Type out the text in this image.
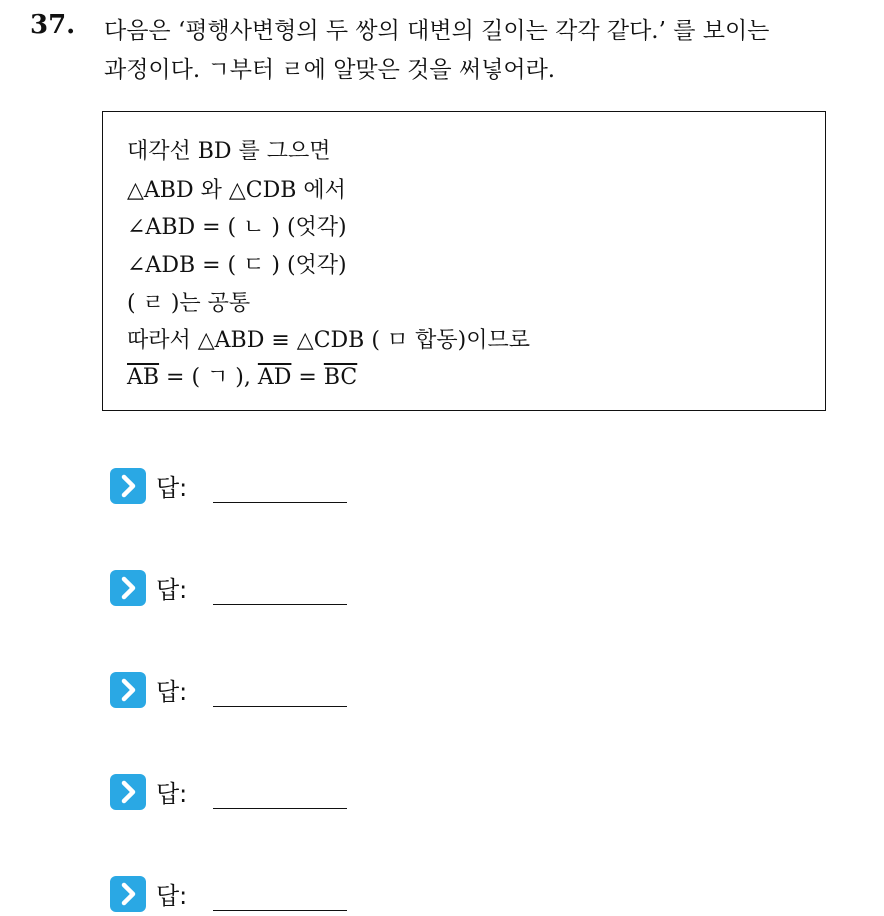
37. 다음은 ‘평행사변형의 두 쌍의 대변의 길이는 각각 같다.’ 를 보이는
과정이다. ㄱ부터 ㄹ에 알맞은 것을 써넣어라.
대각선 BD 를 그으면
△ABD 와 △CDB 에서
∠ABD = ( ㄴ ) (엇각)
∠ADB = ( ㄷ ) (엇각)
( ㄹ )는 공통
따라서 △ABD ≡ △CDB ( ㅁ 합동)이므로
$\overline{AB}$ = ( ㄱ ), $\overline{AD} = \overline{BC}$
답:
답:
답:
답:
답:
